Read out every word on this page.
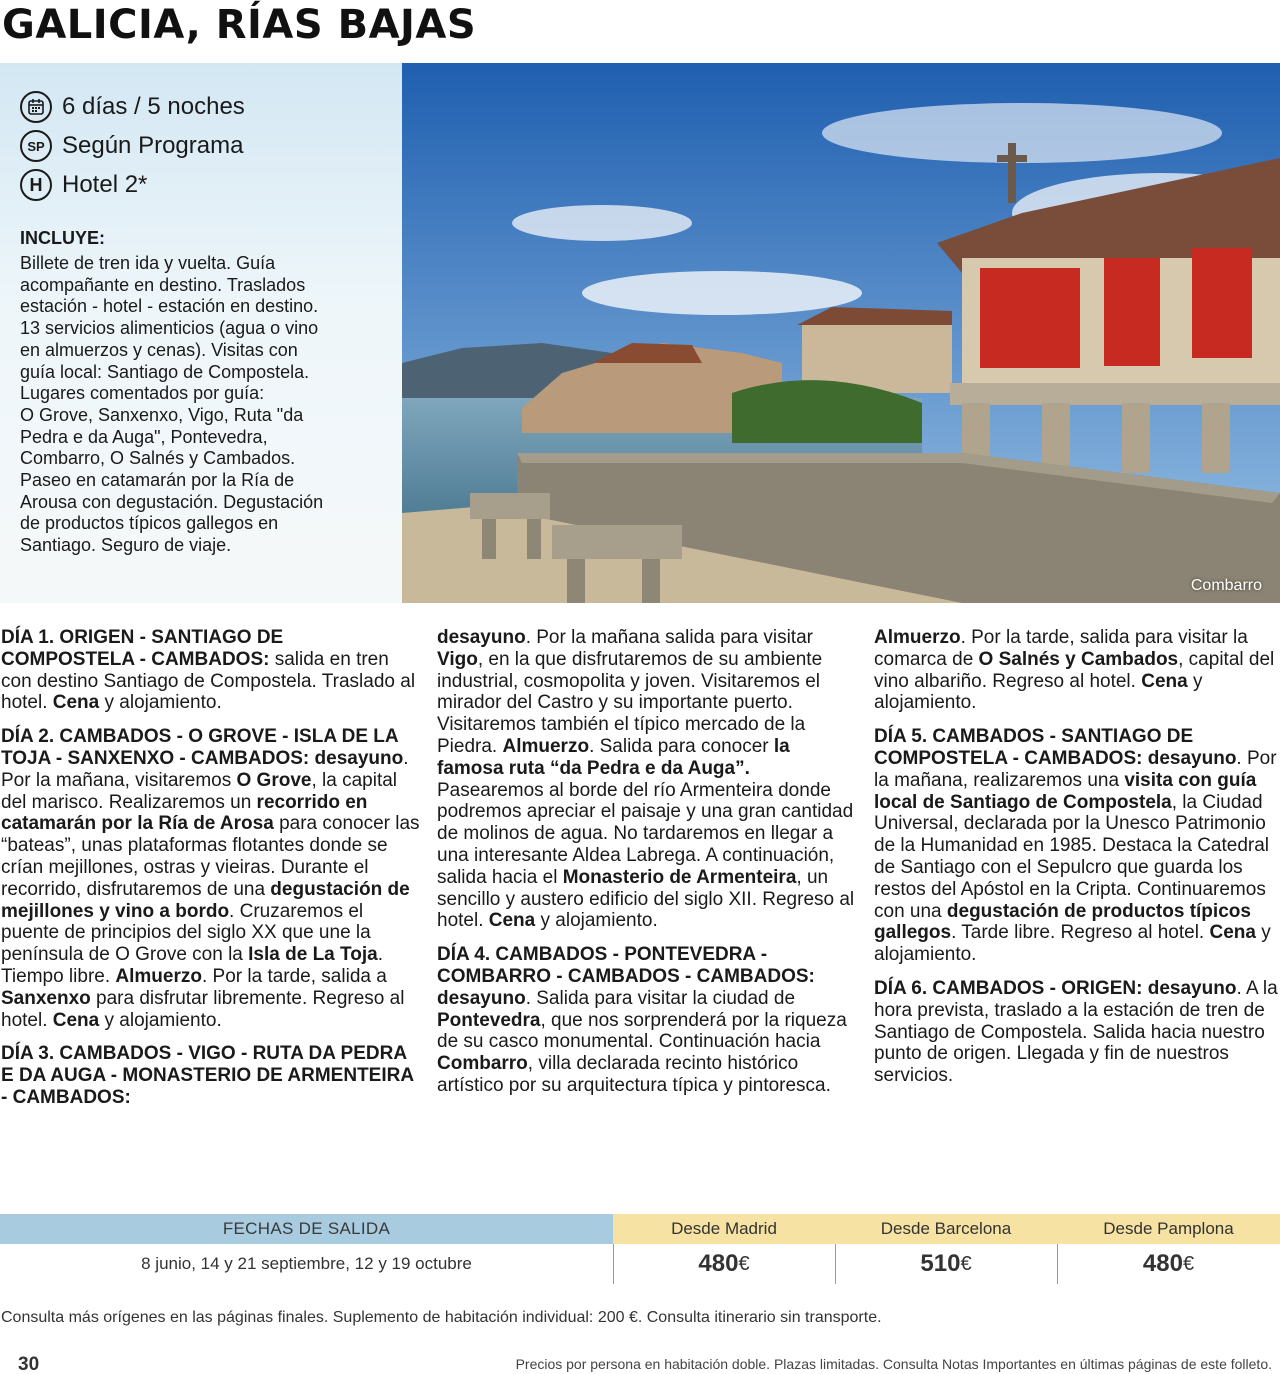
GALICIA, RÍAS BAJAS
6 días / 5 noches
SP Según Programa
H Hotel 2*
INCLUYE:
Billete de tren ida y vuelta. Guía
acompañante en destino. Traslados
estación - hotel - estación en destino.
13 servicios alimenticios (agua o vino
en almuerzos y cenas). Visitas con
guía local: Santiago de Compostela.
Lugares comentados por guía:
O Grove, Sanxenxo, Vigo, Ruta "da
Pedra e da Auga", Pontevedra,
Combarro, O Salnés y Cambados.
Paseo en catamarán por la Ría de
Arousa con degustación. Degustación
de productos típicos gallegos en
Santiago. Seguro de viaje.
Combarro

DÍA 1. ORIGEN - SANTIAGO DE COMPOSTELA - CAMBADOS: salida en tren con destino Santiago de Compostela. Traslado al hotel. Cena y alojamiento.

DÍA 2. CAMBADOS - O GROVE - ISLA DE LA TOJA - SANXENXO - CAMBADOS: desayuno. Por la mañana, visitaremos O Grove, la capital del marisco. Realizaremos un recorrido en catamarán por la Ría de Arosa para conocer las “bateas”, unas plataformas flotantes donde se crían mejillones, ostras y vieiras. Durante el recorrido, disfrutaremos de una degustación de mejillones y vino a bordo. Cruzaremos el puente de principios del siglo XX que une la península de O Grove con la Isla de La Toja. Tiempo libre. Almuerzo. Por la tarde, salida a Sanxenxo para disfrutar libremente. Regreso al hotel. Cena y alojamiento.

DÍA 3. CAMBADOS - VIGO - RUTA DA PEDRA E DA AUGA - MONASTERIO DE ARMENTEIRA - CAMBADOS:

desayuno. Por la mañana salida para visitar Vigo, en la que disfrutaremos de su ambiente industrial, cosmopolita y joven. Visitaremos el mirador del Castro y su importante puerto. Visitaremos también el típico mercado de la Piedra. Almuerzo. Salida para conocer la famosa ruta “da Pedra e da Auga”. Pasearemos al borde del río Armenteira donde podremos apreciar el paisaje y una gran cantidad de molinos de agua. No tardaremos en llegar a una interesante Aldea Labrega. A continuación, salida hacia el Monasterio de Armenteira, un sencillo y austero edificio del siglo XII. Regreso al hotel. Cena y alojamiento.

DÍA 4. CAMBADOS - PONTEVEDRA - COMBARRO - CAMBADOS - CAMBADOS: desayuno. Salida para visitar la ciudad de Pontevedra, que nos sorprenderá por la riqueza de su casco monumental. Continuación hacia Combarro, villa declarada recinto histórico artístico por su arquitectura típica y pintoresca.

Almuerzo. Por la tarde, salida para visitar la comarca de O Salnés y Cambados, capital del vino albariño. Regreso al hotel. Cena y alojamiento.

DÍA 5. CAMBADOS - SANTIAGO DE COMPOSTELA - CAMBADOS: desayuno. Por la mañana, realizaremos una visita con guía local de Santiago de Compostela, la Ciudad Universal, declarada por la Unesco Patrimonio de la Humanidad en 1985. Destaca la Catedral de Santiago con el Sepulcro que guarda los restos del Apóstol en la Cripta. Continuaremos con una degustación de productos típicos gallegos. Tarde libre. Regreso al hotel. Cena y alojamiento.

DÍA 6. CAMBADOS - ORIGEN: desayuno. A la hora prevista, traslado a la estación de tren de Santiago de Compostela. Salida hacia nuestro punto de origen. Llegada y fin de nuestros servicios.

FECHAS DE SALIDA	Desde Madrid	Desde Barcelona	Desde Pamplona
8 junio, 14 y 21 septiembre, 12 y 19 octubre	480 €	510 €	480 €
Consulta más orígenes en las páginas finales. Suplemento de habitación individual: 200 €. Consulta itinerario sin transporte.
30	Precios por persona en habitación doble. Plazas limitadas. Consulta Notas Importantes en últimas páginas de este folleto.
